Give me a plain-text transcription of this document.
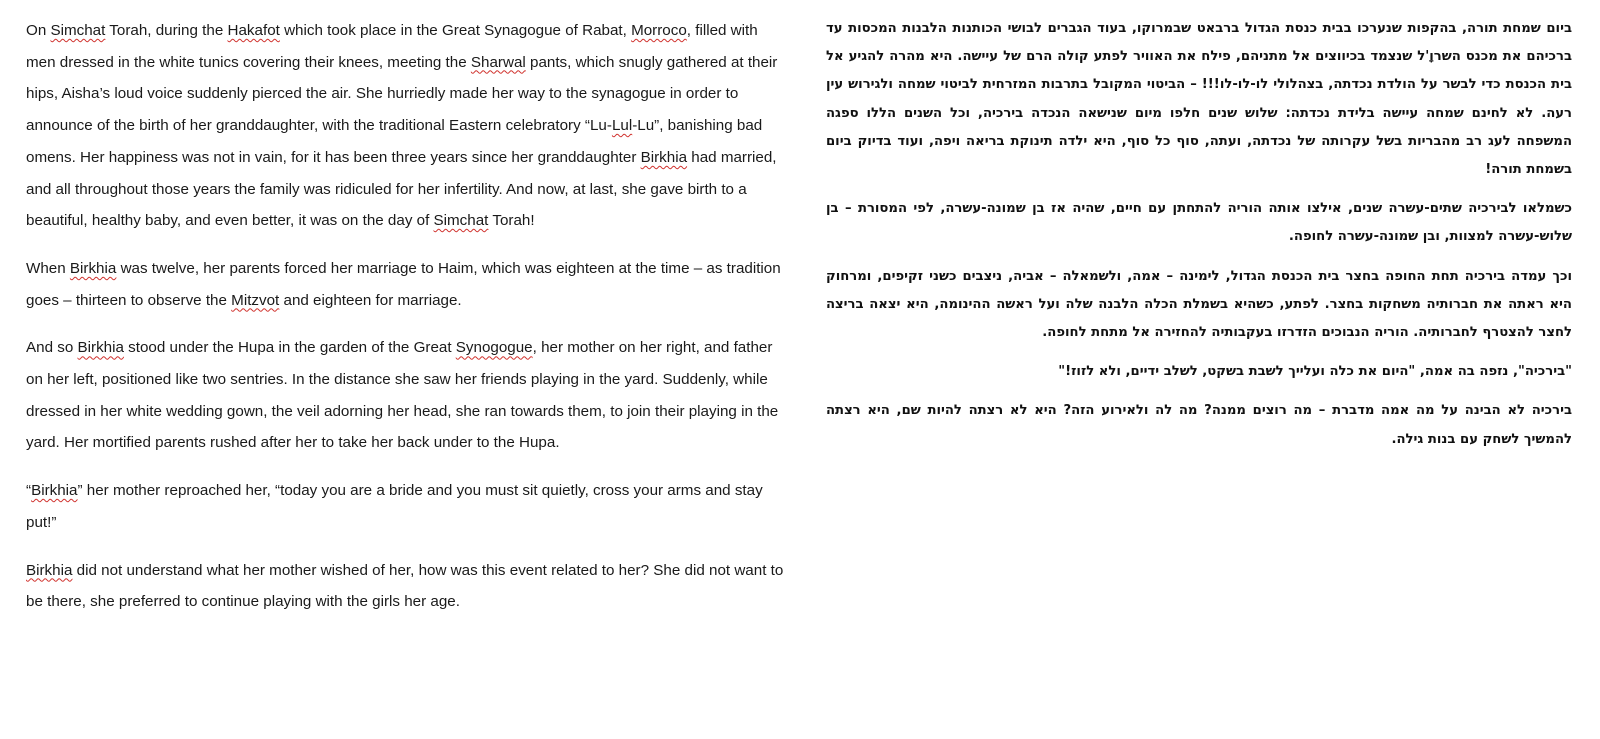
On Simchat Torah, during the Hakafot which took place in the Great Synagogue of Rabat, Morroco, filled with men dressed in the white tunics covering their knees, meeting the Sharwal pants, which snugly gathered at their hips, Aisha’s loud voice suddenly pierced the air. She hurriedly made her way to the synagogue in order to announce of the birth of her granddaughter, with the traditional Eastern celebratory “Lu-Lul-Lu”, banishing bad omens. Her happiness was not in vain, for it has been three years since her granddaughter Birkhia had married, and all throughout those years the family was ridiculed for her infertility. And now, at last, she gave birth to a beautiful, healthy baby, and even better, it was on the day of Simchat Torah!

When Birkhia was twelve, her parents forced her marriage to Haim, which was eighteen at the time – as tradition goes – thirteen to observe the Mitzvot and eighteen for marriage.

And so Birkhia stood under the Hupa in the garden of the Great Synogogue, her mother on her right, and father on her left, positioned like two sentries. In the distance she saw her friends playing in the yard. Suddenly, while dressed in her white wedding gown, the veil adorning her head, she ran towards them, to join their playing in the yard. Her mortified parents rushed after her to take her back under to the Hupa.

“Birkhia” her mother reproached her, “today you are a bride and you must sit quietly, cross your arms and stay put!”

Birkhia did not understand what her mother wished of her, how was this event related to her? She did not want to be there, she preferred to continue playing with the girls her age.

ביום שמחת תורה, בהקפות שנערכו בבית כנסת הגדול ברבאט שבמרוקו, בעוד הגברים לבושי הכותנות הלבנות המכסות עד ברכיהם את מכנס השרוָ'ל שנצמד בכיווצים אל מתניהם, פילח את האוויר לפתע קולה הרם של עיישה. היא מהרה להגיע אל בית הכנסת כדי לבשר על הולדת נכדתה, בצהלולי לו-לו-לו!!! – הביטוי המקובל בתרבות המזרחית לביטוי שמחה ולגירוש עין רעה. לא לחינם שמחה עיישה בלידת נכדתה: שלוש שנים חלפו מיום שנישאה הנכדה בירכיה, וכל השנים הללו ספגה המשפחה לעג רב מהבריות בשל עקרותה של נכדתה, ועתה, סוף כל סוף, היא ילדה תינוקת בריאה ויפה, ועוד בדיוק ביום בשמחת תורה!

כשמלאו לבירכיה שתים-עשרה שנים, אילצו אותה הוריה להתחתן עם חיים, שהיה אז בן שמונה-עשרה, לפי המסורת – בן שלוש-עשרה למצוות, ובן שמונה-עשרה לחופה.

וכך עמדה בירכיה תחת החופה בחצר בית הכנסת הגדול, לימינה – אמה, ולשמאלה – אביה, ניצבים כשני זקיפים, ומרחוק היא ראתה את חברותיה משחקות בחצר. לפתע, כשהיא בשמלת הכלה הלבנה שלה ועל ראשה ההינומה, היא יצאה בריצה לחצר להצטרף לחברותיה. הוריה הנבוכים הזדרזו בעקבותיה להחזירה אל מתחת לחופה.

"בירכיה", נזפה בה אמה, "היום את כלה ועלייך לשבת בשקט, לשלב ידיים, ולא לזוז!"

בירכיה לא הבינה על מה אמה מדברת – מה רוצים ממנה? מה לה ולאירוע הזה? היא לא רצתה להיות שם, היא רצתה להמשיך לשחק עם בנות גילה.
